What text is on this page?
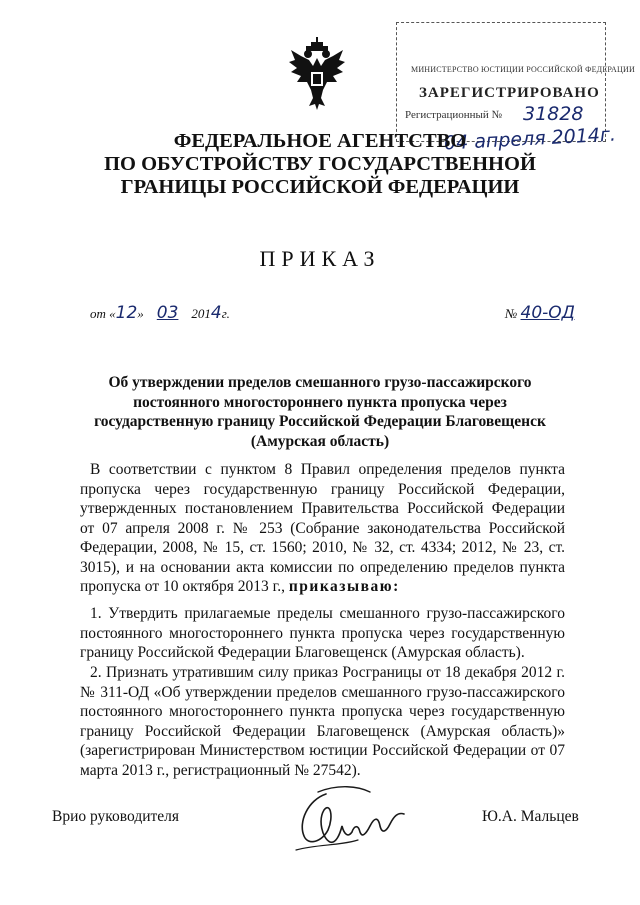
МИНИСТЕРСТВО ЮСТИЦИИ РОССИЙСКОЙ ФЕДЕРАЦИИ
ЗАРЕГИСТРИРОВАНО
Регистрационный № 31828
04 апреля 2014г.
ФЕДЕРАЛЬНОЕ АГЕНТСТВО
ПО ОБУСТРОЙСТВУ ГОСУДАРСТВЕННОЙ
ГРАНИЦЫ РОССИЙСКОЙ ФЕДЕРАЦИИ
ПРИКАЗ
от «12» 03 2014г.	№ 40-ОД
Об утверждении пределов смешанного грузо-пассажирского постоянного многостороннего пункта пропуска через государственную границу Российской Федерации Благовещенск (Амурская область)
В соответствии с пунктом 8 Правил определения пределов пункта пропуска через государственную границу Российской Федерации, утвержденных постановлением Правительства Российской Федерации от 07 апреля 2008 г. № 253 (Собрание законодательства Российской Федерации, 2008, № 15, ст. 1560; 2010, № 32, ст. 4334; 2012, № 23, ст. 3015), и на основании акта комиссии по определению пределов пункта пропуска от 10 октября 2013 г., приказываю:
1. Утвердить прилагаемые пределы смешанного грузо-пассажирского постоянного многостороннего пункта пропуска через государственную границу Российской Федерации Благовещенск (Амурская область).
2. Признать утратившим силу приказ Росграницы от 18 декабря 2012 г. № 311-ОД «Об утверждении пределов смешанного грузо-пассажирского постоянного многостороннего пункта пропуска через государственную границу Российской Федерации Благовещенск (Амурская область)» (зарегистрирован Министерством юстиции Российской Федерации от 07 марта 2013 г., регистрационный № 27542).
Врио руководителя	Ю.А. Мальцев
